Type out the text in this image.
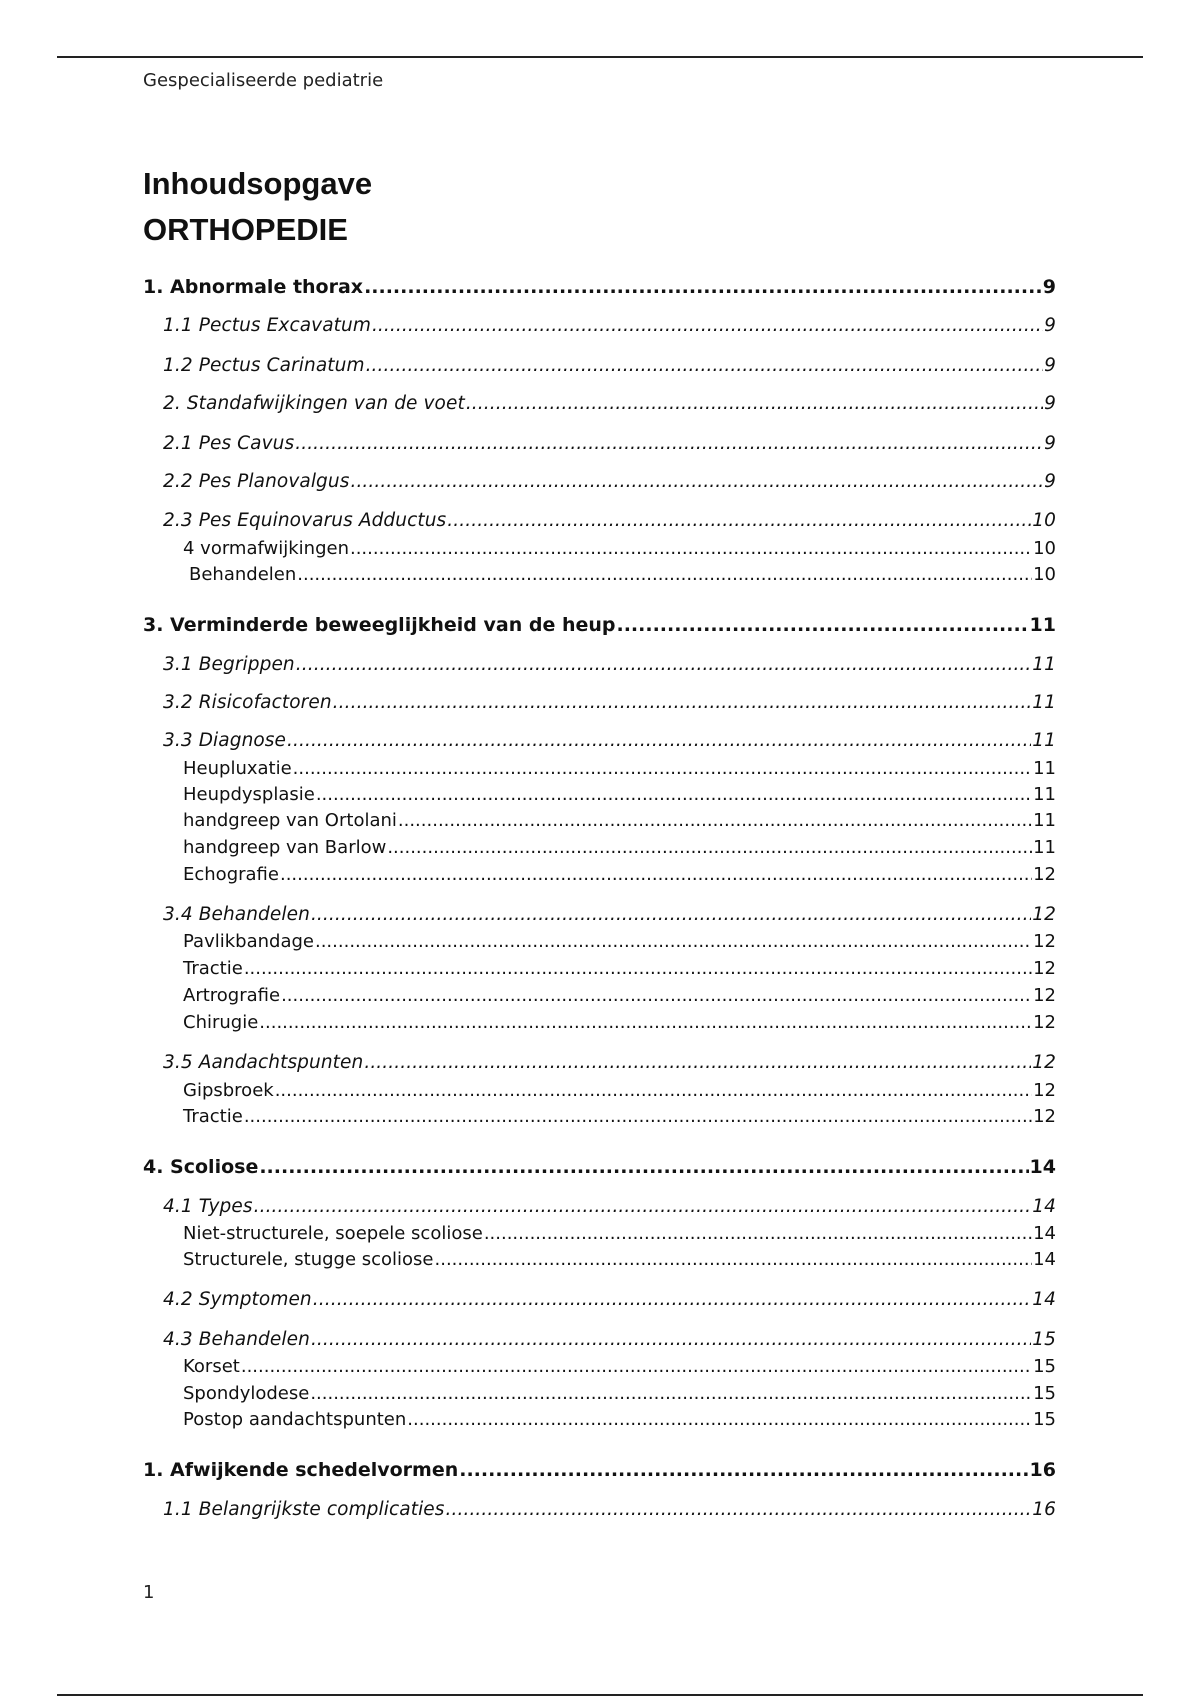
Gespecialiseerde pediatrie
Inhoudsopgave
ORTHOPEDIE
1. Abnormale thorax .....	9
1.1 Pectus Excavatum .....	9
1.2 Pectus Carinatum .....	9
2. Standafwijkingen van de voet .....	9
2.1 Pes Cavus .....	9
2.2 Pes Planovalgus .....	9
2.3 Pes Equinovarus Adductus .....	10
4 vormafwijkingen .....	10
Behandelen .....	10
3. Verminderde beweeglijkheid van de heup .....	11
3.1 Begrippen .....	11
3.2 Risicofactoren .....	11
3.3 Diagnose .....	11
Heupluxatie .....	11
Heupdysplasie .....	11
handgreep van Ortolani .....	11
handgreep van Barlow .....	11
Echografie .....	12
3.4 Behandelen .....	12
Pavlikbandage .....	12
Tractie .....	12
Artrografie .....	12
Chirugie .....	12
3.5 Aandachtspunten .....	12
Gipsbroek .....	12
Tractie .....	12
4. Scoliose .....	14
4.1 Types .....	14
Niet-structurele, soepele scoliose .....	14
Structurele, stugge scoliose .....	14
4.2 Symptomen .....	14
4.3 Behandelen .....	15
Korset .....	15
Spondylodese .....	15
Postop aandachtspunten .....	15
1. Afwijkende schedelvormen .....	16
1.1 Belangrijkste complicaties .....	16
1
